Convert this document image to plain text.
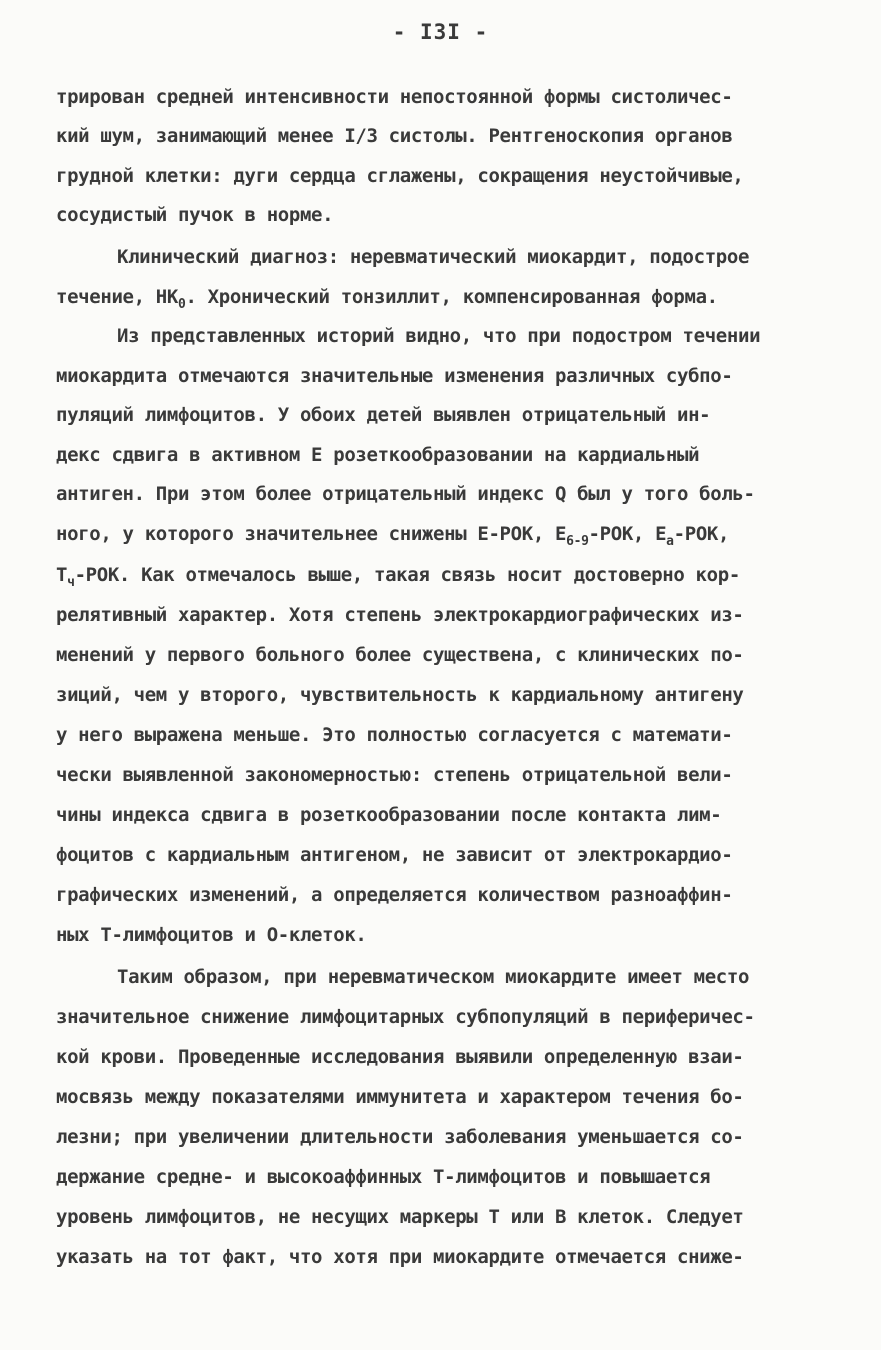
- I3I -
трирован средней интенсивности непостоянной формы систоличес-
кий шум, занимающий менее I/3 систолы. Рентгеноскопия органов
грудной клетки: дуги сердца сглажены, сокращения неустойчивые,
сосудистый пучок в норме.
Клинический диагноз: неревматический миокардит, подострое
течение, $НК_0$. Хронический тонзиллит, компенсированная форма.
Из представленных историй видно, что при подостром течении
миокардита отмечаются значительные изменения различных субпо-
пуляций лимфоцитов. У обоих детей выявлен отрицательный ин-
декс сдвига в активном Е розеткообразовании на кардиальный
антиген. При этом более отрицательный индекс Q был у того боль-
ного, у которого значительнее снижены Е-РОК, $Е_{6-9}$-РОК, $Е_а$-РОК,
$Т_ч$-РОК. Как отмечалось выше, такая связь носит достоверно кор-
релятивный характер. Хотя степень электрокардиографических из-
менений у первого больного более существена, с клинических по-
зиций, чем у второго, чувствительность к кардиальному антигену
у него выражена меньше. Это полностью согласуется с математи-
чески выявленной закономерностью: степень отрицательной вели-
чины индекса сдвига в розеткообразовании после контакта лим-
фоцитов с кардиальным антигеном, не зависит от электрокардио-
графических изменений, а определяется количеством разноаффин-
ных Т-лимфоцитов и О-клеток.
Таким образом, при неревматическом миокардите имеет место
значительное снижение лимфоцитарных субпопуляций в периферичес-
кой крови. Проведенные исследования выявили определенную взаи-
мосвязь между показателями иммунитета и характером течения бо-
лезни; при увеличении длительности заболевания уменьшается со-
держание средне- и высокоаффинных Т-лимфоцитов и повышается
уровень лимфоцитов, не несущих маркеры Т или В клеток. Следует
указать на тот факт, что хотя при миокардите отмечается сниже-
